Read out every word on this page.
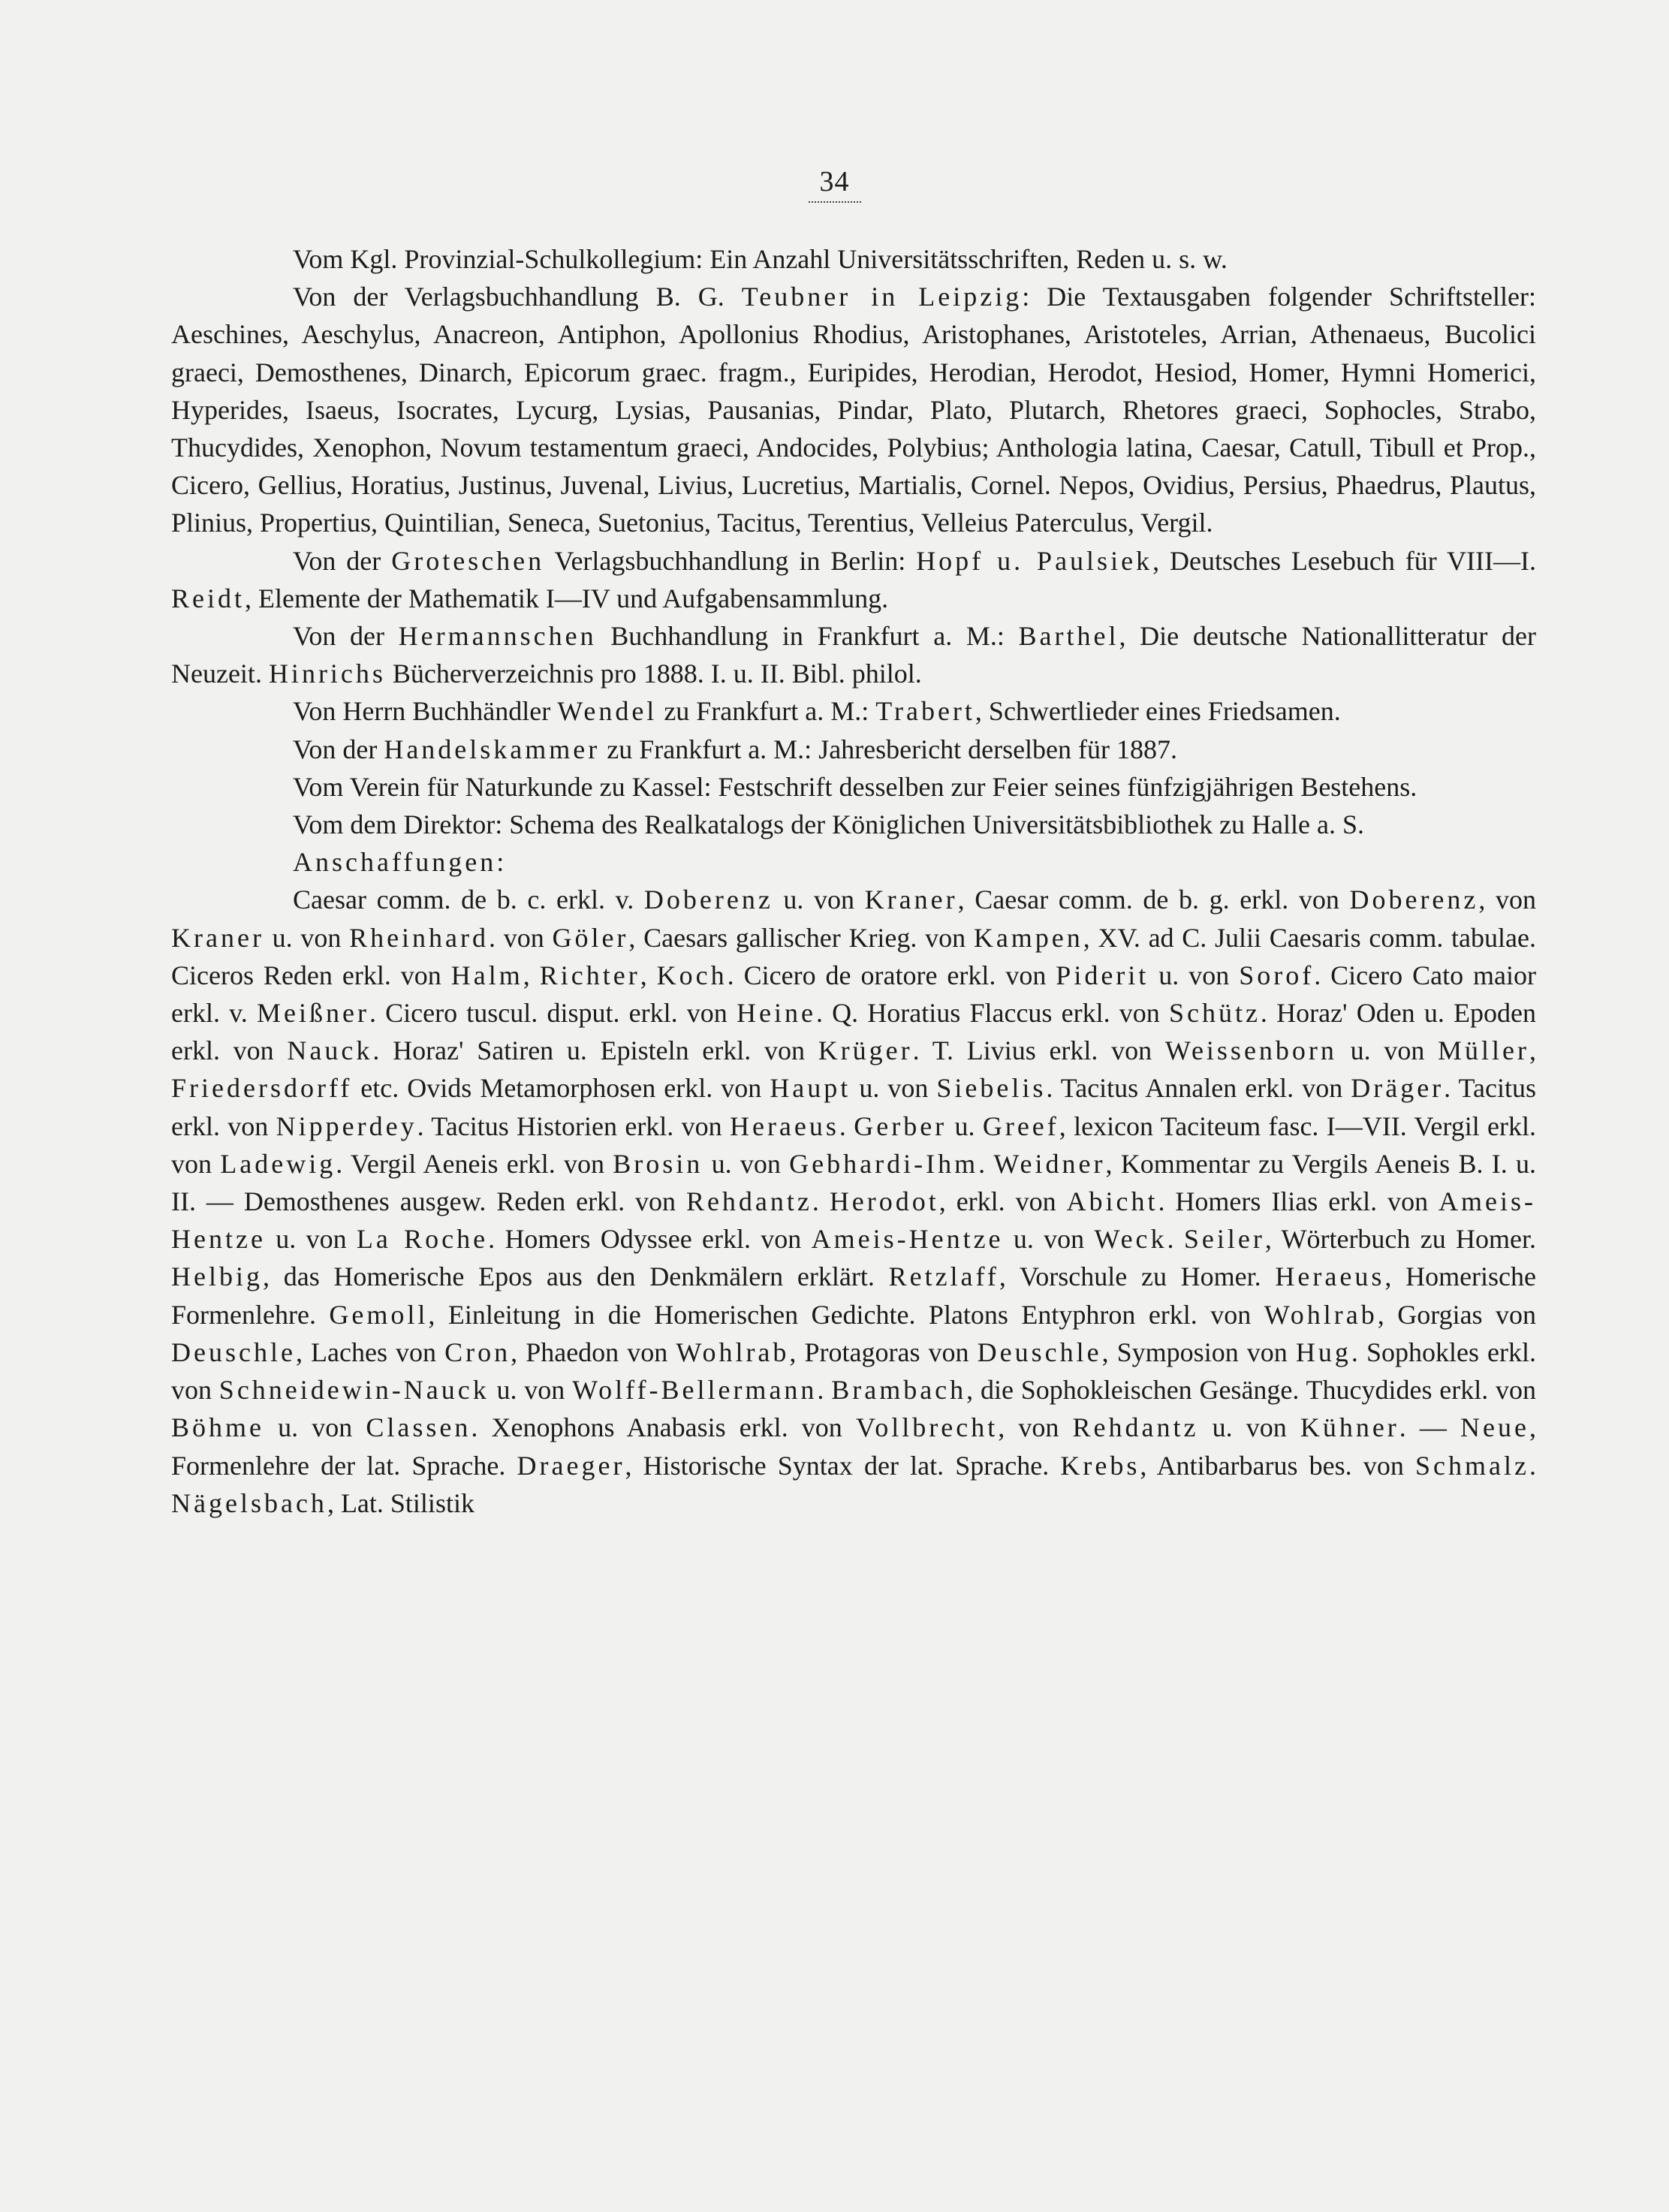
34

Vom Kgl. Provinzial-Schulkollegium: Ein Anzahl Universitätsschriften, Reden u. s. w.

Von der Verlagsbuchhandlung B. G. Teubner in Leipzig: Die Textausgaben folgender Schriftsteller: Aeschines, Aeschylus, Anacreon, Antiphon, Apollonius Rhodius, Aristophanes, Aristoteles, Arrian, Athenaeus, Bucolici graeci, Demosthenes, Dinarch, Epicorum graec. fragm., Euripides, Herodian, Herodot, Hesiod, Homer, Hymni Homerici, Hyperides, Isaeus, Isocrates, Lycurg, Lysias, Pausanias, Pindar, Plato, Plutarch, Rhetores graeci, Sophocles, Strabo, Thucydides, Xenophon, Novum testamentum graeci, Andocides, Polybius; Anthologia latina, Caesar, Catull, Tibull et Prop., Cicero, Gellius, Horatius, Justinus, Juvenal, Livius, Lucretius, Martialis, Cornel. Nepos, Ovidius, Persius, Phaedrus, Plautus, Plinius, Propertius, Quintilian, Seneca, Suetonius, Tacitus, Terentius, Velleius Paterculus, Vergil.

Von der Groteschen Verlagsbuchhandlung in Berlin: Hopf u. Paulsiek, Deutsches Lesebuch für VIII—I. Reidt, Elemente der Mathematik I—IV und Aufgabensammlung.

Von der Hermannschen Buchhandlung in Frankfurt a. M.: Barthel, Die deutsche Nationallitteratur der Neuzeit. Hinrichs Bücherverzeichnis pro 1888. I. u. II. Bibl. philol.

Von Herrn Buchhändler Wendel zu Frankfurt a. M.: Trabert, Schwertlieder eines Friedsamen.

Von der Handelskammer zu Frankfurt a. M.: Jahresbericht derselben für 1887.

Vom Verein für Naturkunde zu Kassel: Festschrift desselben zur Feier seines fünfzigjährigen Bestehens.

Vom dem Direktor: Schema des Realkatalogs der Königlichen Universitätsbibliothek zu Halle a. S.

Anschaffungen:

Caesar comm. de b. c. erkl. v. Doberenz u. von Kraner, Caesar comm. de b. g. erkl. von Doberenz, von Kraner u. von Rheinhard. von Göler, Caesars gallischer Krieg. von Kampen, XV. ad C. Julii Caesaris comm. tabulae. Ciceros Reden erkl. von Halm, Richter, Koch. Cicero de oratore erkl. von Piderit u. von Sorof. Cicero Cato maior erkl. v. Meißner. Cicero tuscul. disput. erkl. von Heine. Q. Horatius Flaccus erkl. von Schütz. Horaz' Oden u. Epoden erkl. von Nauck. Horaz' Satiren u. Episteln erkl. von Krüger. T. Livius erkl. von Weissenborn u. von Müller, Friedersdorff etc. Ovids Metamorphosen erkl. von Haupt u. von Siebelis. Tacitus Annalen erkl. von Dräger. Tacitus erkl. von Nipperdey. Tacitus Historien erkl. von Heraeus. Gerber u. Greef, lexicon Taciteum fasc. I—VII. Vergil erkl. von Ladewig. Vergil Aeneis erkl. von Brosin u. von Gebhardi-Ihm. Weidner, Kommentar zu Vergils Aeneis B. I. u. II. — Demosthenes ausgew. Reden erkl. von Rehdantz. Herodot, erkl. von Abicht. Homers Ilias erkl. von Ameis-Hentze u. von La Roche. Homers Odyssee erkl. von Ameis-Hentze u. von Weck. Seiler, Wörterbuch zu Homer. Helbig, das Homerische Epos aus den Denkmälern erklärt. Retzlaff, Vorschule zu Homer. Heraeus, Homerische Formenlehre. Gemoll, Einleitung in die Homerischen Gedichte. Platons Entyphron erkl. von Wohlrab, Gorgias von Deuschle, Laches von Cron, Phaedon von Wohlrab, Protagoras von Deuschle, Symposion von Hug. Sophokles erkl. von Schneidewin-Nauck u. von Wolff-Bellermann. Brambach, die Sophokleischen Gesänge. Thucydides erkl. von Böhme u. von Classen. Xenophons Anabasis erkl. von Vollbrecht, von Rehdantz u. von Kühner. — Neue, Formenlehre der lat. Sprache. Draeger, Historische Syntax der lat. Sprache. Krebs, Antibarbarus bes. von Schmalz. Nägelsbach, Lat. Stilistik
